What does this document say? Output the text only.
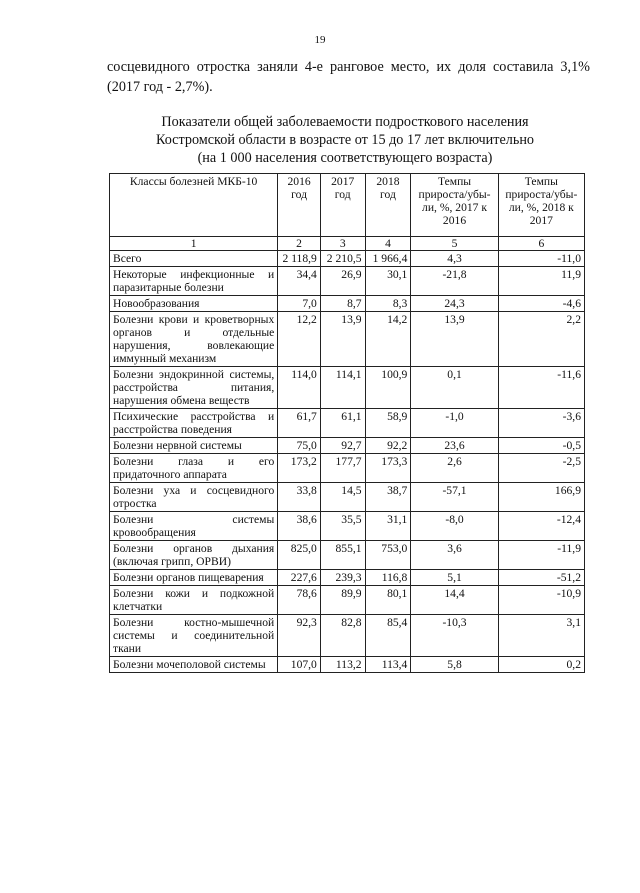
19
сосцевидного отростка заняли 4-е ранговое место, их доля составила 3,1%
(2017 год - 2,7%).
Показатели общей заболеваемости подросткового населения
Костромской области в возрасте от 15 до 17 лет включительно
(на 1 000 населения соответствующего возраста)
Классы болезней МКБ-10	2016 год	2017 год	2018 год	Темпы прироста/убы-ли, %, 2017 к 2016	Темпы прироста/убы-ли, %, 2018 к 2017
1	2	3	4	5	6
Всего	2 118,9	2 210,5	1 966,4	4,3	-11,0
Некоторые инфекционные и паразитарные болезни	34,4	26,9	30,1	-21,8	11,9
Новообразования	7,0	8,7	8,3	24,3	-4,6
Болезни крови и кроветворных органов и отдельные нарушения, вовлекающие иммунный механизм	12,2	13,9	14,2	13,9	2,2
Болезни эндокринной системы, расстройства питания, нарушения обмена веществ	114,0	114,1	100,9	0,1	-11,6
Психические расстройства и расстройства поведения	61,7	61,1	58,9	-1,0	-3,6
Болезни нервной системы	75,0	92,7	92,2	23,6	-0,5
Болезни глаза и его придаточного аппарата	173,2	177,7	173,3	2,6	-2,5
Болезни уха и сосцевидного отростка	33,8	14,5	38,7	-57,1	166,9
Болезни системы кровообращения	38,6	35,5	31,1	-8,0	-12,4
Болезни органов дыхания (включая грипп, ОРВИ)	825,0	855,1	753,0	3,6	-11,9
Болезни органов пищеварения	227,6	239,3	116,8	5,1	-51,2
Болезни кожи и подкожной клетчатки	78,6	89,9	80,1	14,4	-10,9
Болезни костно-мышечной системы и соединительной ткани	92,3	82,8	85,4	-10,3	3,1
Болезни мочеполовой системы	107,0	113,2	113,4	5,8	0,2
